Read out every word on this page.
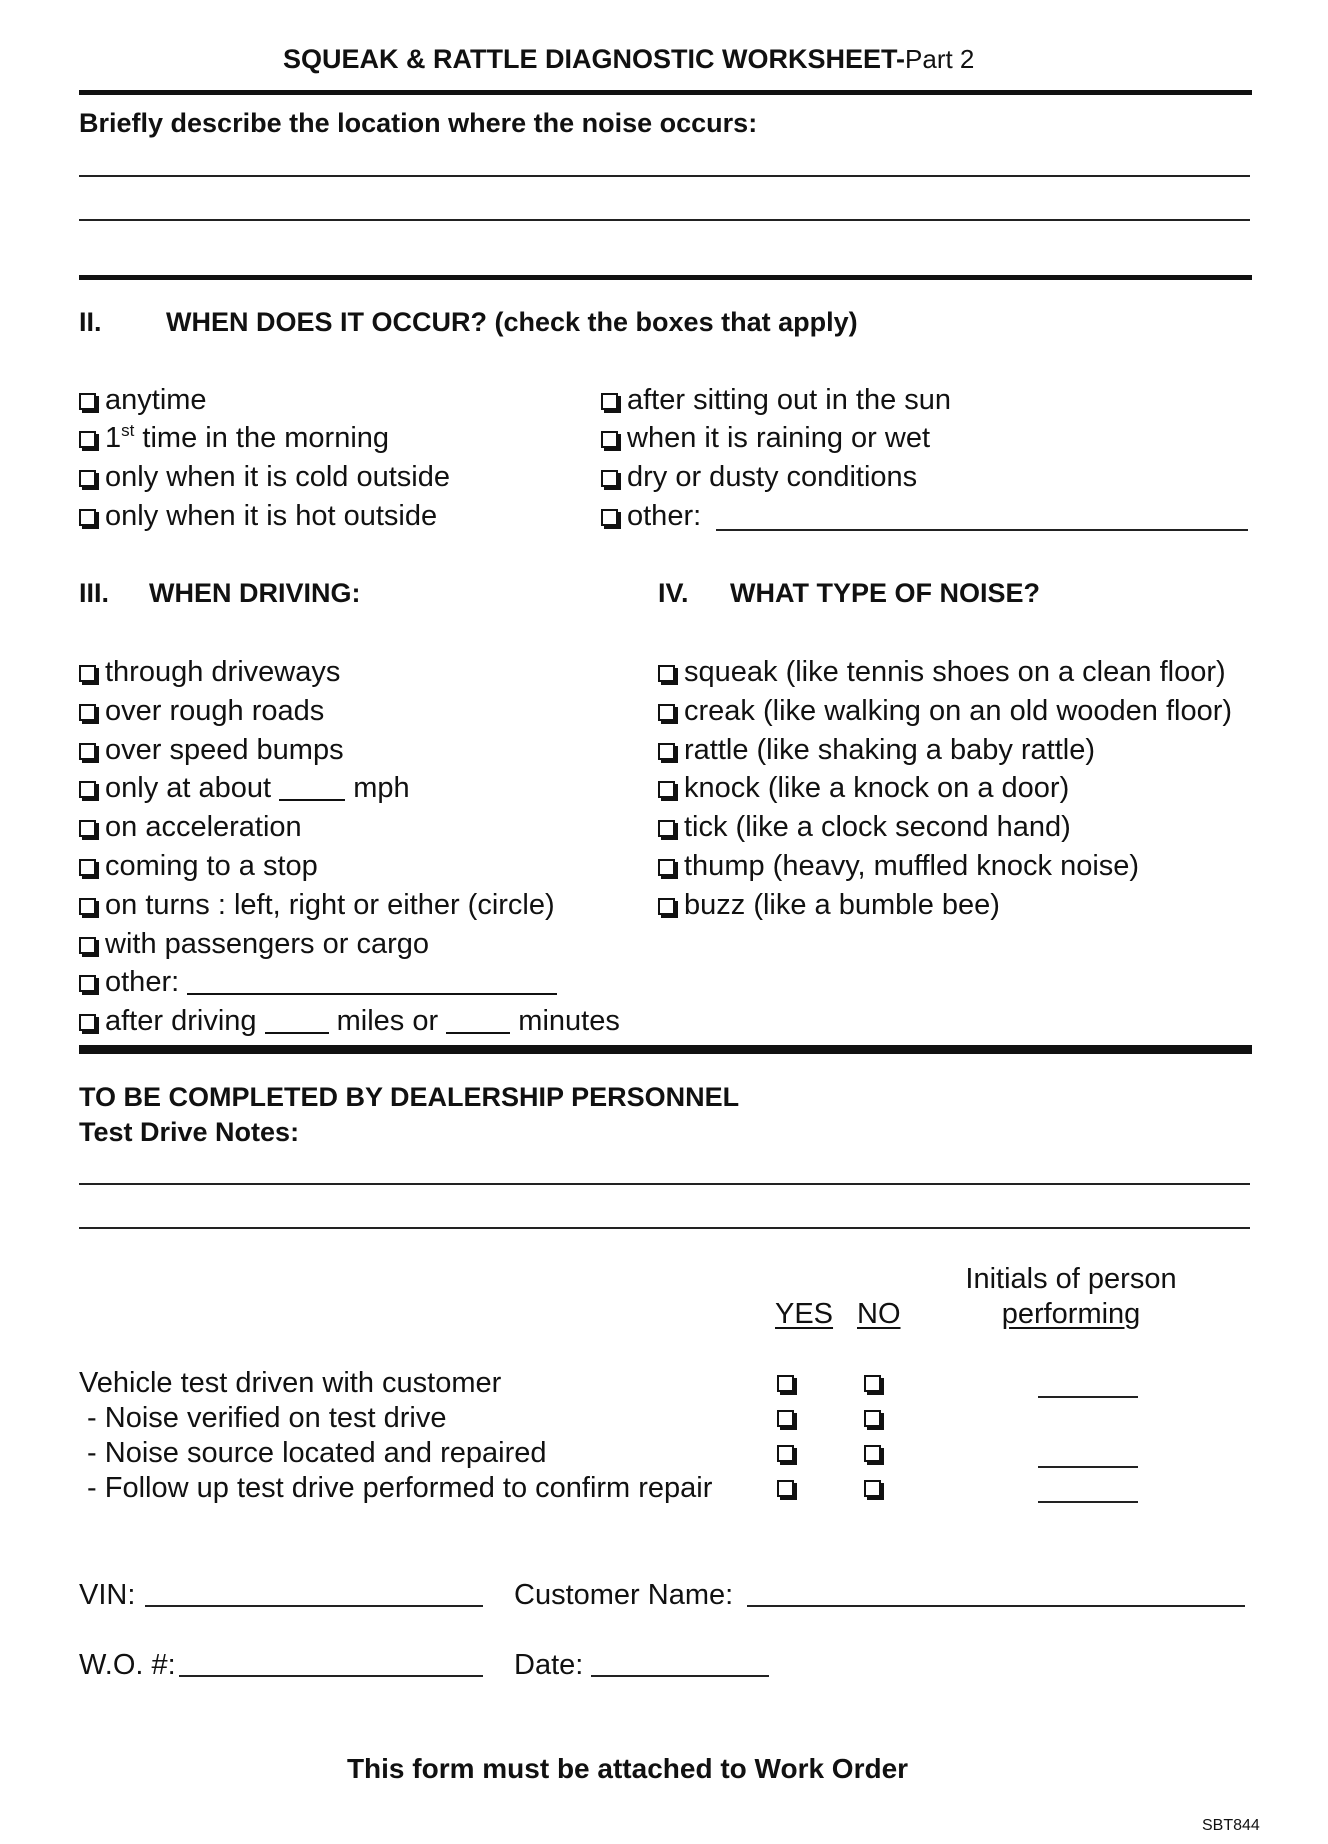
SQUEAK & RATTLE DIAGNOSTIC WORKSHEET-Part 2
Briefly describe the location where the noise occurs:
II. WHEN DOES IT OCCUR? (check the boxes that apply)
anytime
1st time in the morning
only when it is cold outside
only when it is hot outside
after sitting out in the sun
when it is raining or wet
dry or dusty conditions
other:
III. WHEN DRIVING:
through driveways
over rough roads
over speed bumps
only at about	mph
on acceleration
coming to a stop
on turns : left, right or either (circle)
with passengers or cargo
other:
after driving	miles or	minutes
IV. WHAT TYPE OF NOISE?
squeak (like tennis shoes on a clean floor)
creak (like walking on an old wooden floor)
rattle (like shaking a baby rattle)
knock (like a knock on a door)
tick (like a clock second hand)
thump (heavy, muffled knock noise)
buzz (like a bumble bee)
TO BE COMPLETED BY DEALERSHIP PERSONNEL
Test Drive Notes:
Initials of person
YES NO	performing
Vehicle test driven with customer
- Noise verified on test drive
- Noise source located and repaired
- Follow up test drive performed to confirm repair
VIN:	Customer Name:
W.O. #:	Date:
This form must be attached to Work Order
SBT844
